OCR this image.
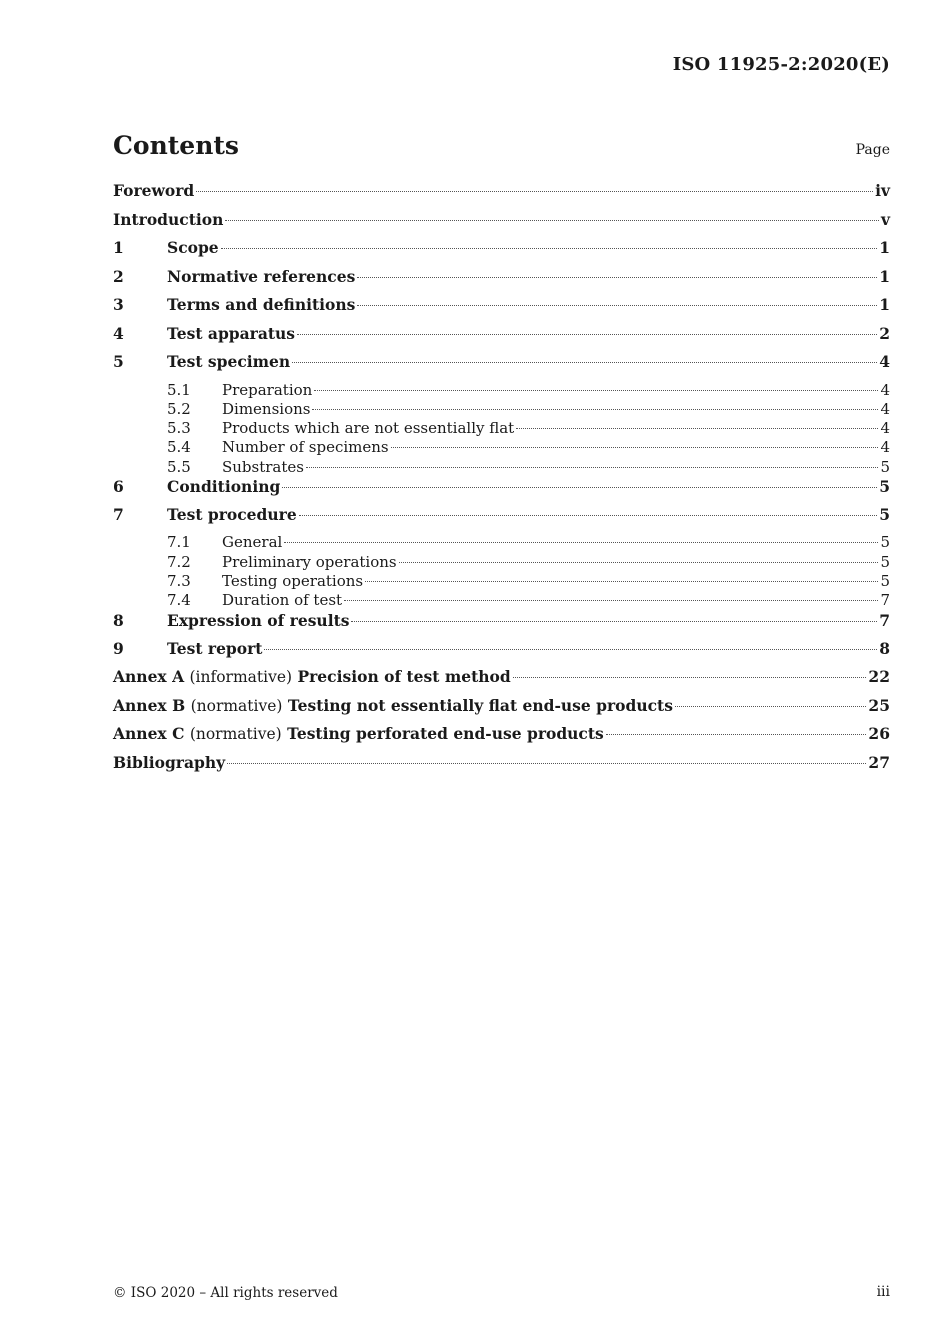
ISO 11925-2:2020(E)
Contents	Page
Foreword	iv
Introduction	v
1	Scope	1
2	Normative references	1
3	Terms and definitions	1
4	Test apparatus	2
5	Test specimen	4
5.1	Preparation	4
5.2	Dimensions	4
5.3	Products which are not essentially flat	4
5.4	Number of specimens	4
5.5	Substrates	5
6	Conditioning	5
7	Test procedure	5
7.1	General	5
7.2	Preliminary operations	5
7.3	Testing operations	5
7.4	Duration of test	7
8	Expression of results	7
9	Test report	8
Annex A (informative) Precision of test method	22
Annex B (normative) Testing not essentially flat end-use products	25
Annex C (normative) Testing perforated end-use products	26
Bibliography	27
© ISO 2020 – All rights reserved	iii
